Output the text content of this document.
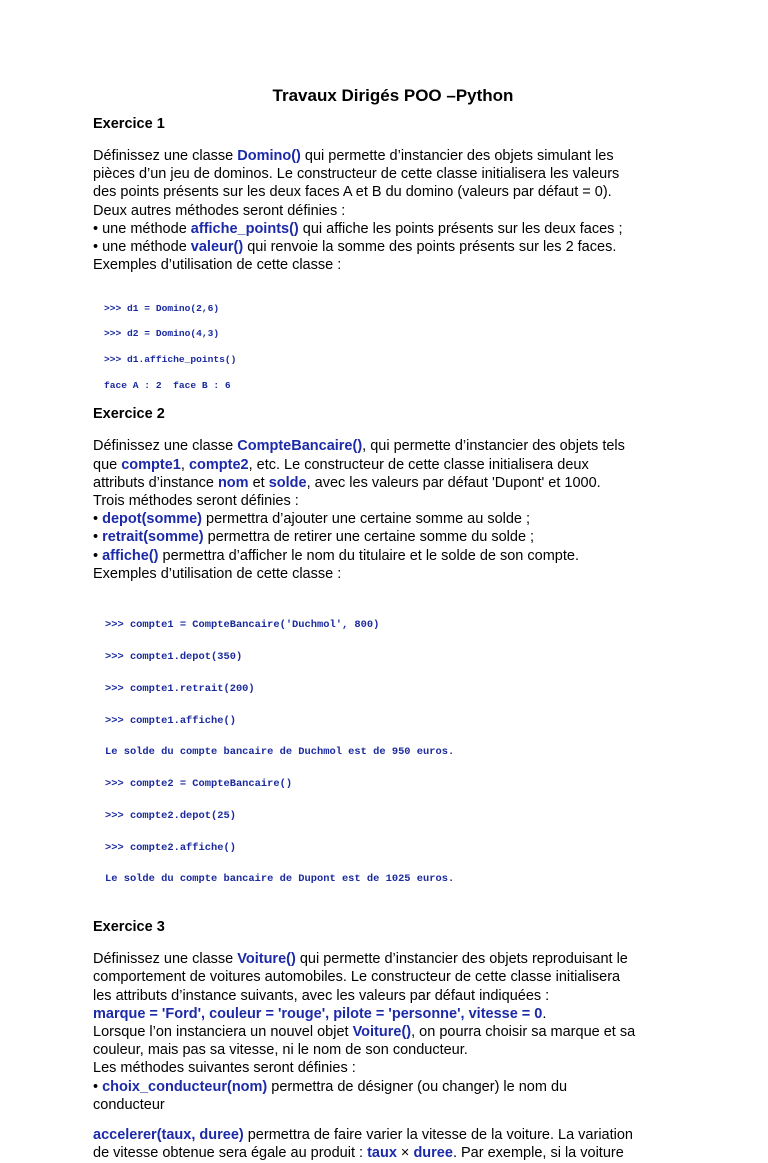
Travaux Dirigés POO –Python
Exercice 1

Définissez une classe Domino() qui permette d’instancier des objets simulant les

pièces d’un jeu de dominos. Le constructeur de cette classe initialisera les valeurs

des points présents sur les deux faces A et B du domino (valeurs par défaut = 0).

Deux autres méthodes seront définies :

• une méthode affiche_points() qui affiche les points présents sur les deux faces ;

• une méthode valeur() qui renvoie la somme des points présents sur les 2 faces.

Exemples d’utilisation de cette classe :

>>> d1 = Domino(2,6)

>>> d2 = Domino(4,3)

>>> d1.affiche_points()

face A : 2  face B : 6

Exercice 2

Définissez une classe CompteBancaire(), qui permette d’instancier des objets tels

que compte1, compte2, etc. Le constructeur de cette classe initialisera deux

attributs d’instance nom et solde, avec les valeurs par défaut 'Dupont' et 1000.

Trois méthodes seront définies :

• depot(somme) permettra d’ajouter une certaine somme au solde ;

• retrait(somme) permettra de retirer une certaine somme du solde ;

• affiche() permettra d’afficher le nom du titulaire et le solde de son compte.

Exemples d’utilisation de cette classe :

>>> compte1 = CompteBancaire('Duchmol', 800)

>>> compte1.depot(350)

>>> compte1.retrait(200)

>>> compte1.affiche()

Le solde du compte bancaire de Duchmol est de 950 euros.

>>> compte2 = CompteBancaire()

>>> compte2.depot(25)

>>> compte2.affiche()

Le solde du compte bancaire de Dupont est de 1025 euros.

Exercice 3

Définissez une classe Voiture() qui permette d’instancier des objets reproduisant le

comportement de voitures automobiles. Le constructeur de cette classe initialisera

les attributs d’instance suivants, avec les valeurs par défaut indiquées :

marque = 'Ford', couleur = 'rouge', pilote = 'personne', vitesse = 0.

Lorsque l’on instanciera un nouvel objet Voiture(), on pourra choisir sa marque et sa

couleur, mais pas sa vitesse, ni le nom de son conducteur.

Les méthodes suivantes seront définies :

• choix_conducteur(nom) permettra de désigner (ou changer) le nom du

conducteur

accelerer(taux, duree) permettra de faire varier la vitesse de la voiture. La variation

de vitesse obtenue sera égale au produit : taux × duree. Par exemple, si la voiture
